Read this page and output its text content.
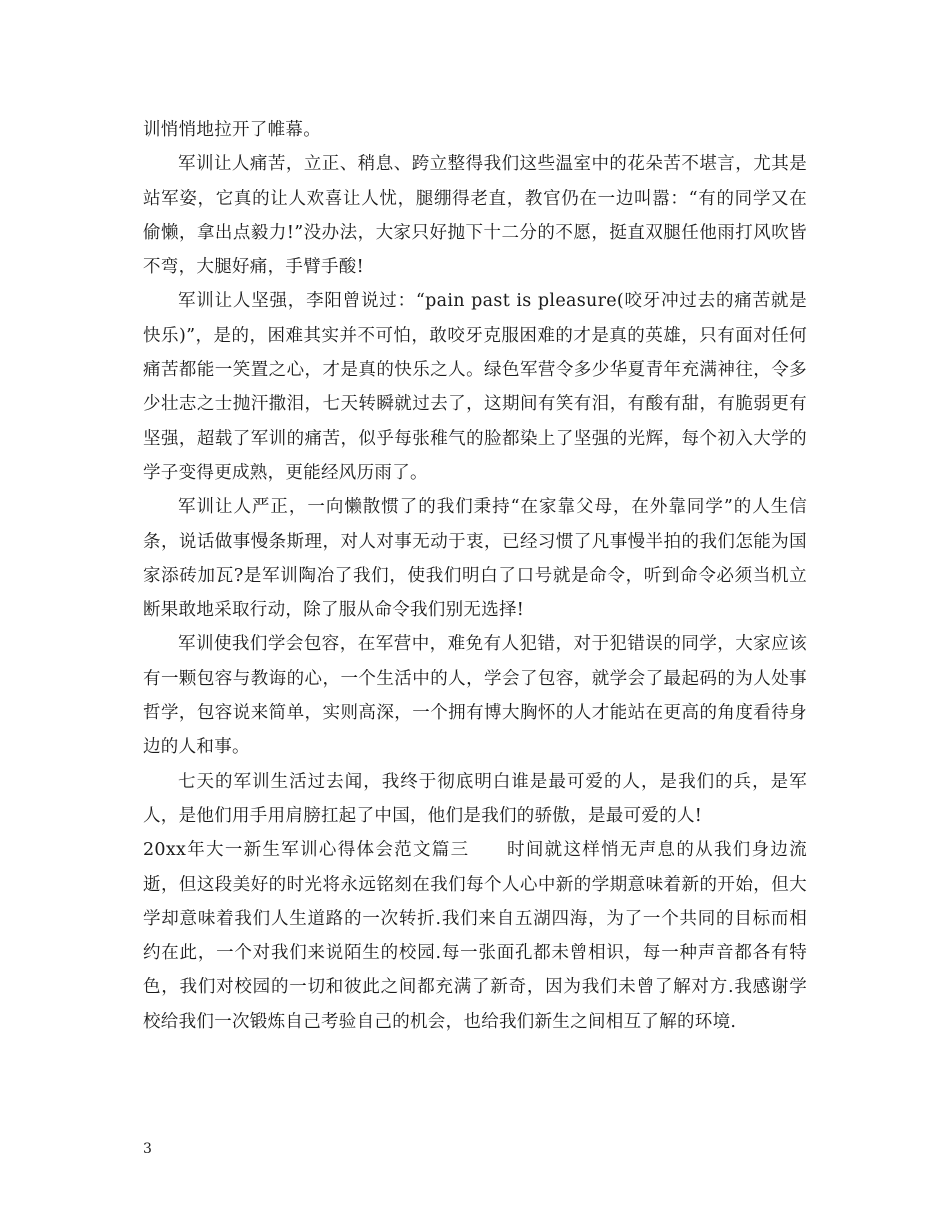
训悄悄地拉开了帷幕。

军训让人痛苦，立正、稍息、跨立整得我们这些温室中的花朵苦不堪言，尤其是站军姿，它真的让人欢喜让人忧，腿绷得老直，教官仍在一边叫嚣：“有的同学又在偷懒，拿出点毅力!”没办法，大家只好抛下十二分的不愿，挺直双腿任他雨打风吹皆不弯，大腿好痛，手臂手酸!

军训让人坚强，李阳曾说过：“pain past is pleasure(咬牙冲过去的痛苦就是快乐)”，是的，困难其实并不可怕，敢咬牙克服困难的才是真的英雄，只有面对任何痛苦都能一笑置之心，才是真的快乐之人。绿色军营令多少华夏青年充满神往，令多少壮志之士抛汗撒泪，七天转瞬就过去了，这期间有笑有泪，有酸有甜，有脆弱更有坚强，超载了军训的痛苦，似乎每张稚气的脸都染上了坚强的光辉，每个初入大学的学子变得更成熟，更能经风历雨了。

军训让人严正，一向懒散惯了的我们秉持“在家靠父母，在外靠同学”的人生信条，说话做事慢条斯理，对人对事无动于衷，已经习惯了凡事慢半拍的我们怎能为国家添砖加瓦?是军训陶冶了我们，使我们明白了口号就是命令，听到命令必须当机立断果敢地采取行动，除了服从命令我们别无选择!

军训使我们学会包容，在军营中，难免有人犯错，对于犯错误的同学，大家应该有一颗包容与教诲的心，一个生活中的人，学会了包容，就学会了最起码的为人处事哲学，包容说来简单，实则高深，一个拥有博大胸怀的人才能站在更高的角度看待身边的人和事。

七天的军训生活过去闻，我终于彻底明白谁是最可爱的人，是我们的兵，是军人，是他们用手用肩膀扛起了中国，他们是我们的骄傲，是最可爱的人!

20xx年大一新生军训心得体会范文篇三　　时间就这样悄无声息的从我们身边流逝，但这段美好的时光将永远铭刻在我们每个人心中新的学期意味着新的开始，但大学却意味着我们人生道路的一次转折.我们来自五湖四海，为了一个共同的目标而相约在此，一个对我们来说陌生的校园.每一张面孔都未曾相识，每一种声音都各有特色，我们对校园的一切和彼此之间都充满了新奇，因为我们未曾了解对方.我感谢学校给我们一次锻炼自己考验自己的机会，也给我们新生之间相互了解的环境.

3
